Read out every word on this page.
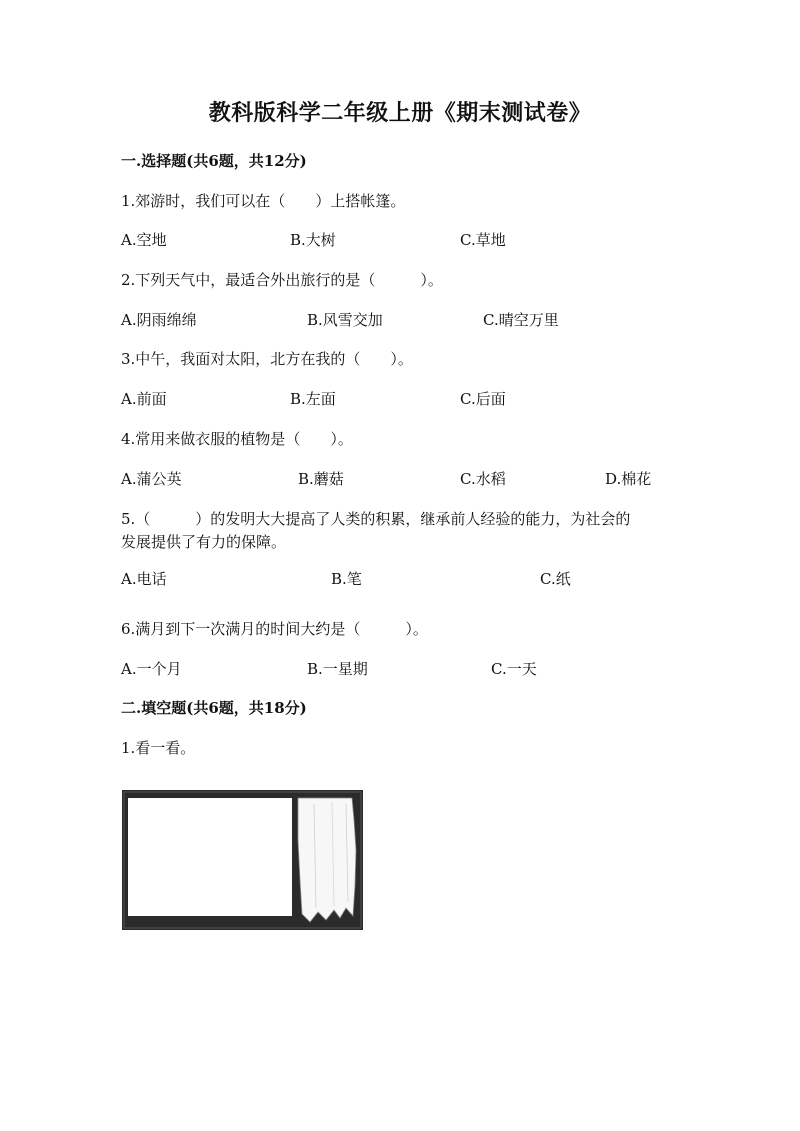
教科版科学二年级上册《期末测试卷》
一.选择题(共6题，共12分)
1.郊游时，我们可以在（　　）上搭帐篷。
A.空地	B.大树	C.草地
2.下列天气中，最适合外出旅行的是（　　　）。
A.阴雨绵绵	B.风雪交加	C.晴空万里
3.中午，我面对太阳，北方在我的（　　）。
A.前面	B.左面	C.后面
4.常用来做衣服的植物是（　　）。
A.蒲公英	B.蘑菇	C.水稻	D.棉花
5.（　　　）的发明大大提高了人类的积累，继承前人经验的能力，为社会的
发展提供了有力的保障。
A.电话	B.笔	C.纸
6.满月到下一次满月的时间大约是（　　　）。
A.一个月	B.一星期	C.一天
二.填空题(共6题，共18分)
1.看一看。
